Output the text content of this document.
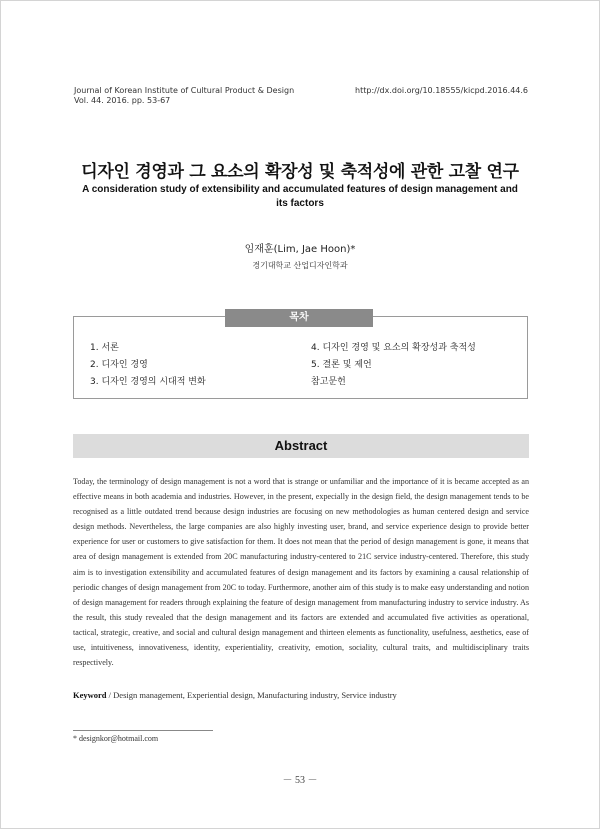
Journal of Korean Institute of Cultural Product & Design
Vol. 44. 2016. pp. 53-67
http://dx.doi.org/10.18555/kicpd.2016.44.6
디자인 경영과 그 요소의 확장성 및 축적성에 관한 고찰 연구
A consideration study of extensibility and accumulated features of design management and its factors
임재훈(Lim, Jae Hoon)*
경기대학교 산업디자인학과
목차
1. 서론
2. 디자인 경영
3. 디자인 경영의 시대적 변화
4. 디자인 경영 및 요소의 확장성과 축적성
5. 결론 및 제언
참고문헌
Abstract
Today, the terminology of design management is not a word that is strange or unfamiliar and the importance of it is became accepted as an effective means in both academia and industries. However, in the present, expecially in the design field, the design management tends to be recognised as a little outdated trend because design industries are focusing on new methodologies as human centered design and service design methods. Nevertheless, the large companies are also highly investing user, brand, and service experience design to provide better experience for user or customers to give satisfaction for them. It does not mean that the period of design management is gone, it means that area of design management is extended from 20C manufacturing industry-centered to 21C service industry-centered. Therefore, this study aim is to investigation extensibility and accumulated features of design management and its factors by examining a causal relationship of periodic changes of design management from 20C to today. Furthermore, another aim of this study is to make easy understanding and notion of design management for readers through explaining the feature of design management from manufacturing industry to service industry. As the result, this study revealed that the design management and its factors are extended and accumulated five activities as operational, tactical, strategic, creative, and social and cultural design management and thirteen elements as functionality, usefulness, aesthetics, ease of use, intuitiveness, innovativeness, identity, experientiality, creativity, emotion, sociality, cultural traits, and multidisciplinary traits respectively.
Keyword / Design management, Experiential design, Manufacturing industry, Service industry
* designkor@hotmail.com
－ 53 －
